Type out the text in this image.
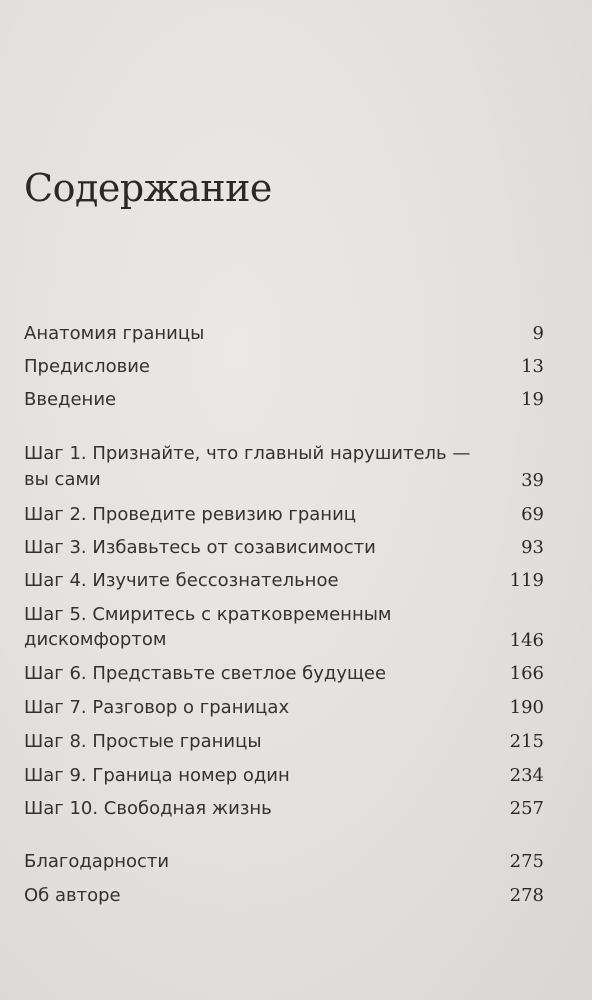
Содержание
Анатомия границы	9
Предисловие	13
Введение	19
Шаг 1. Признайте, что главный нарушитель —
вы сами	39
Шаг 2. Проведите ревизию границ	69
Шаг 3. Избавьтесь от созависимости	93
Шаг 4. Изучите бессознательное	119
Шаг 5. Смиритесь с кратковременным
дискомфортом	146
Шаг 6. Представьте светлое будущее	166
Шаг 7. Разговор о границах	190
Шаг 8. Простые границы	215
Шаг 9. Граница номер один	234
Шаг 10. Свободная жизнь	257
Благодарности	275
Об авторе	278
